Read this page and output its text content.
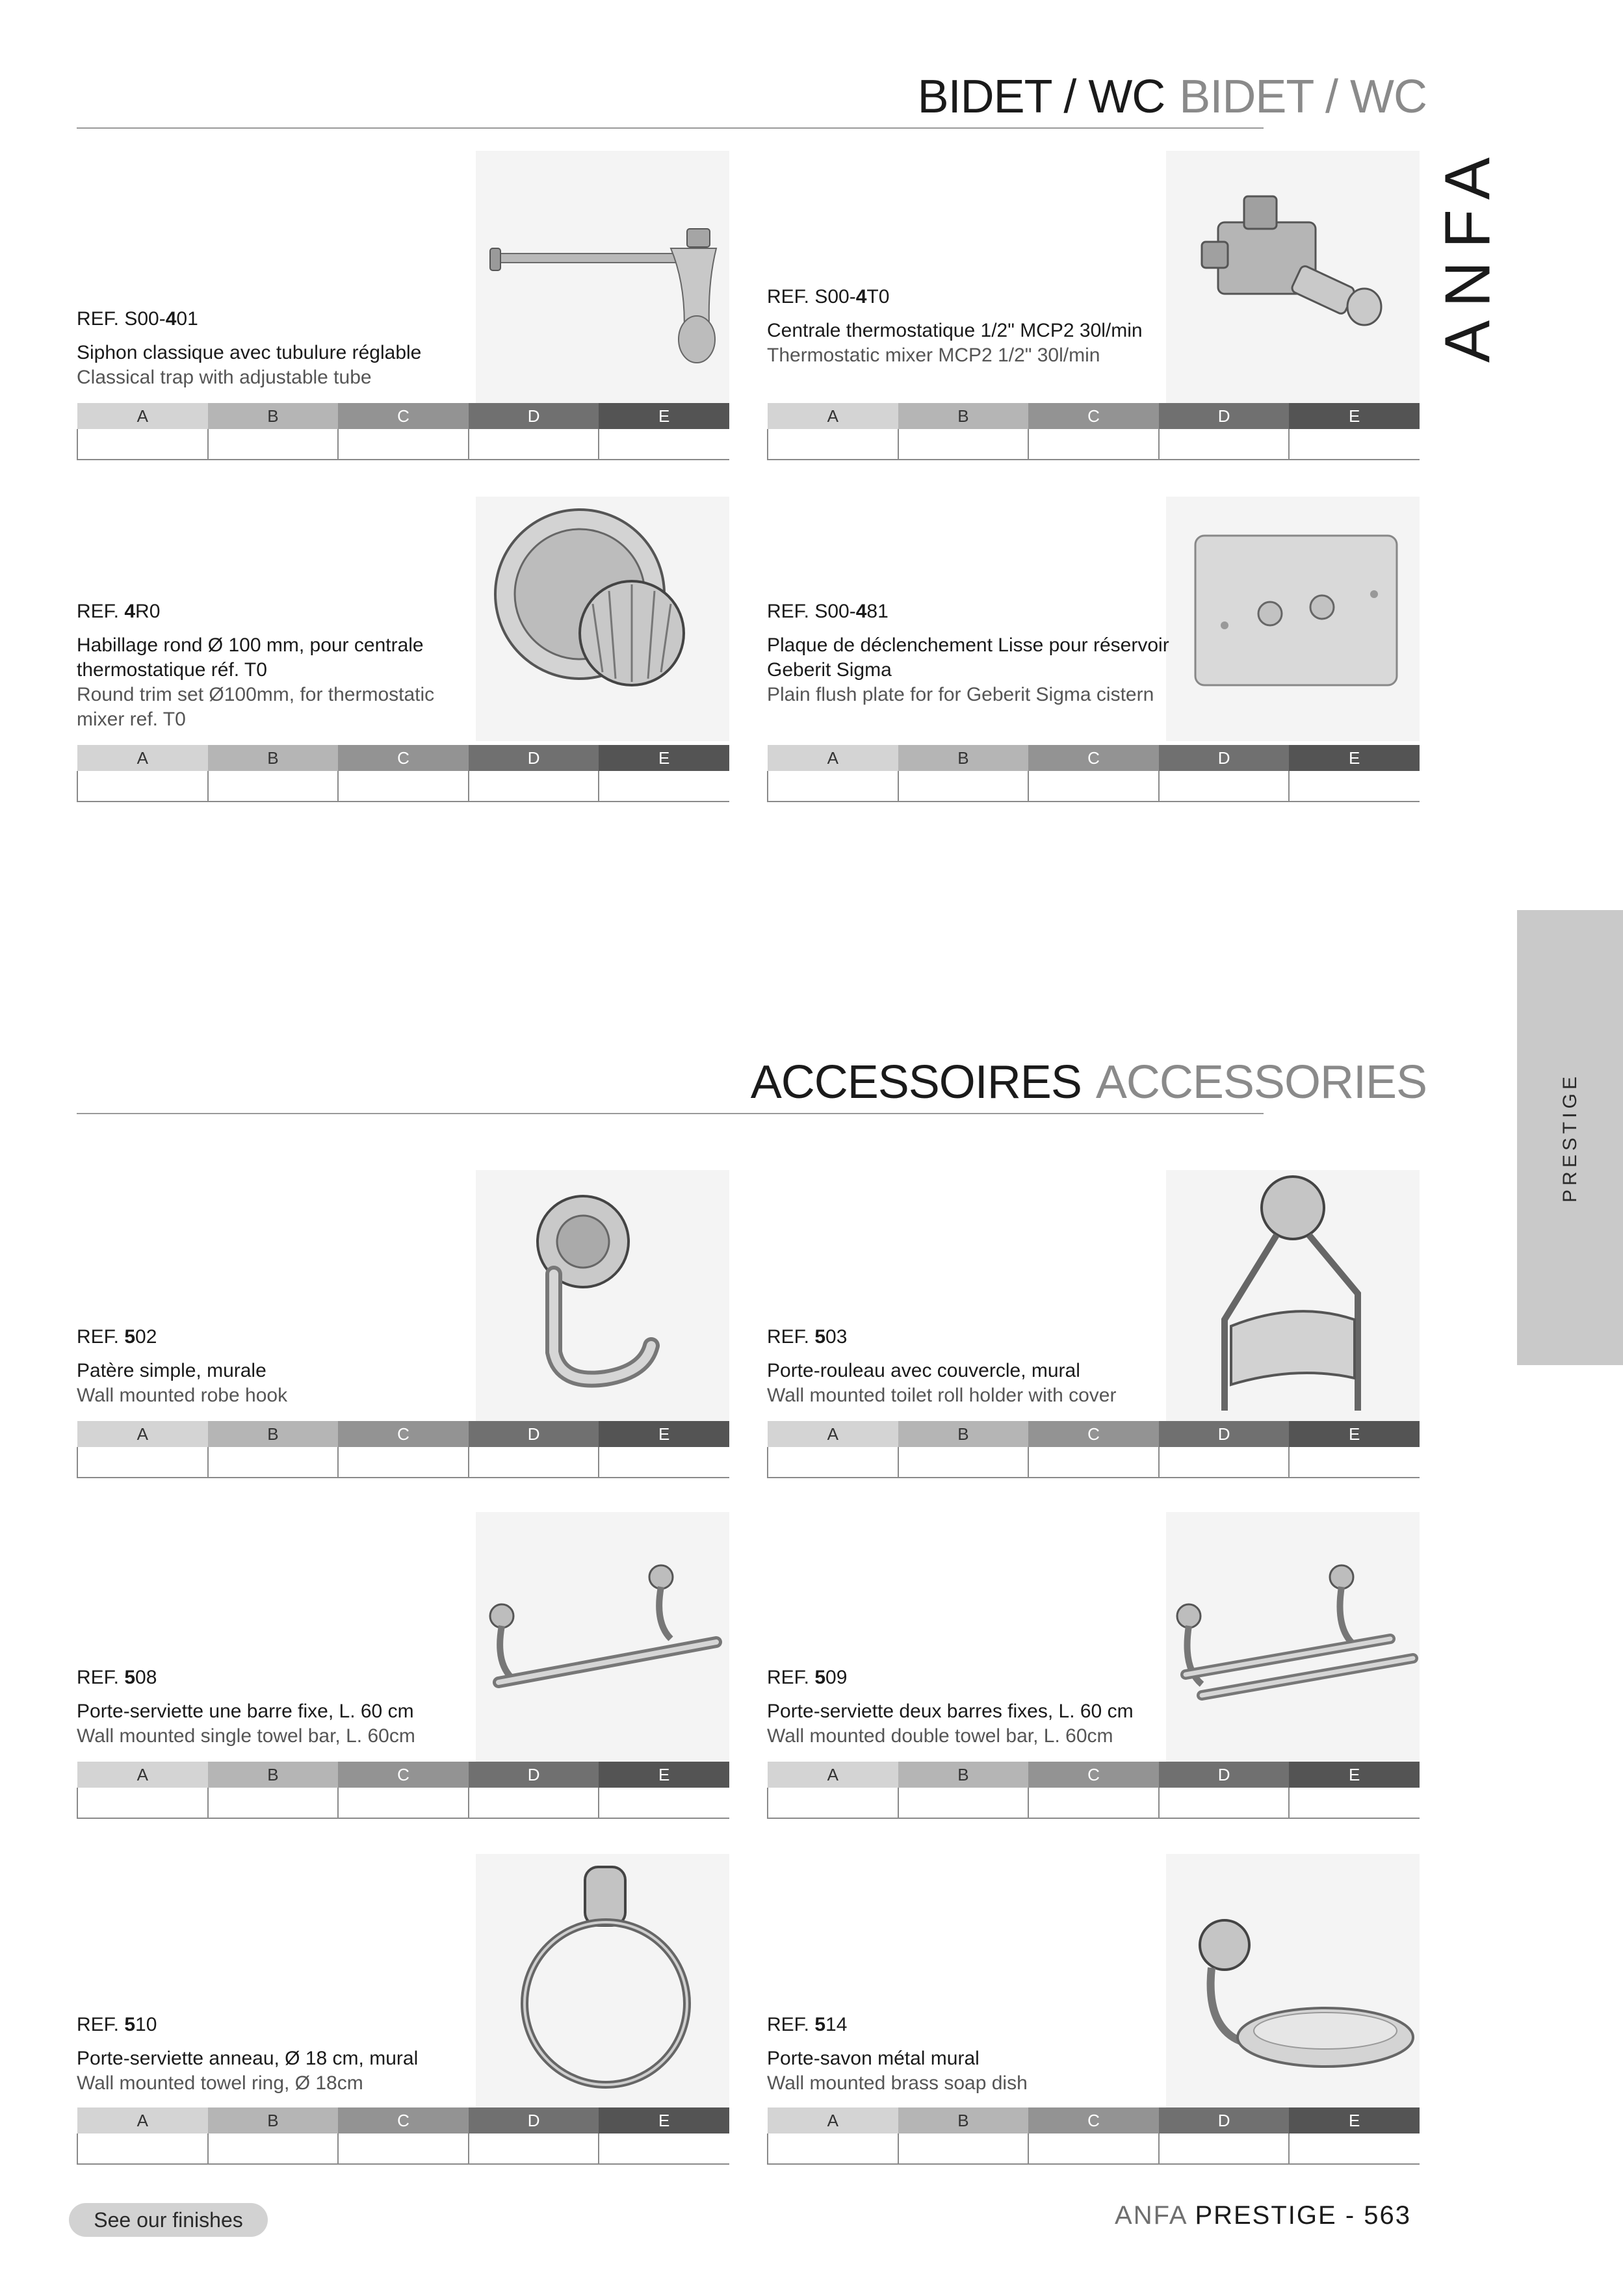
BIDET / WC BIDET / WC
ACCESSOIRES ACCESSORIES
ANFA
PRESTIGE
REF. S00-401
Siphon classique avec tubulure réglable
Classical trap with adjustable tube
A	B	C	D	E

REF. S00-4T0
Centrale thermostatique 1/2" MCP2 30l/min
Thermostatic mixer MCP2 1/2" 30l/min
A	B	C	D	E

REF. 4R0
Habillage rond Ø 100 mm, pour centrale thermostatique réf. T0
Round trim set Ø100mm, for thermostatic mixer ref. T0
A	B	C	D	E

REF. S00-481
Plaque de déclenchement Lisse pour réservoir Geberit Sigma
Plain flush plate for for Geberit Sigma cistern
A	B	C	D	E

REF. 502
Patère simple, murale
Wall mounted robe hook
A	B	C	D	E

REF. 503
Porte-rouleau avec couvercle, mural
Wall mounted toilet roll holder with cover
A	B	C	D	E

REF. 508
Porte-serviette une barre fixe, L. 60 cm
Wall mounted single towel bar, L. 60cm
A	B	C	D	E

REF. 509
Porte-serviette deux barres fixes, L. 60 cm
Wall mounted double towel bar, L. 60cm
A	B	C	D	E

REF. 510
Porte-serviette anneau, Ø 18 cm, mural
Wall mounted towel ring, Ø 18cm
A	B	C	D	E

REF. 514
Porte-savon métal mural
Wall mounted brass soap dish
A	B	C	D	E

See our finishes	ANFA PRESTIGE - 563
